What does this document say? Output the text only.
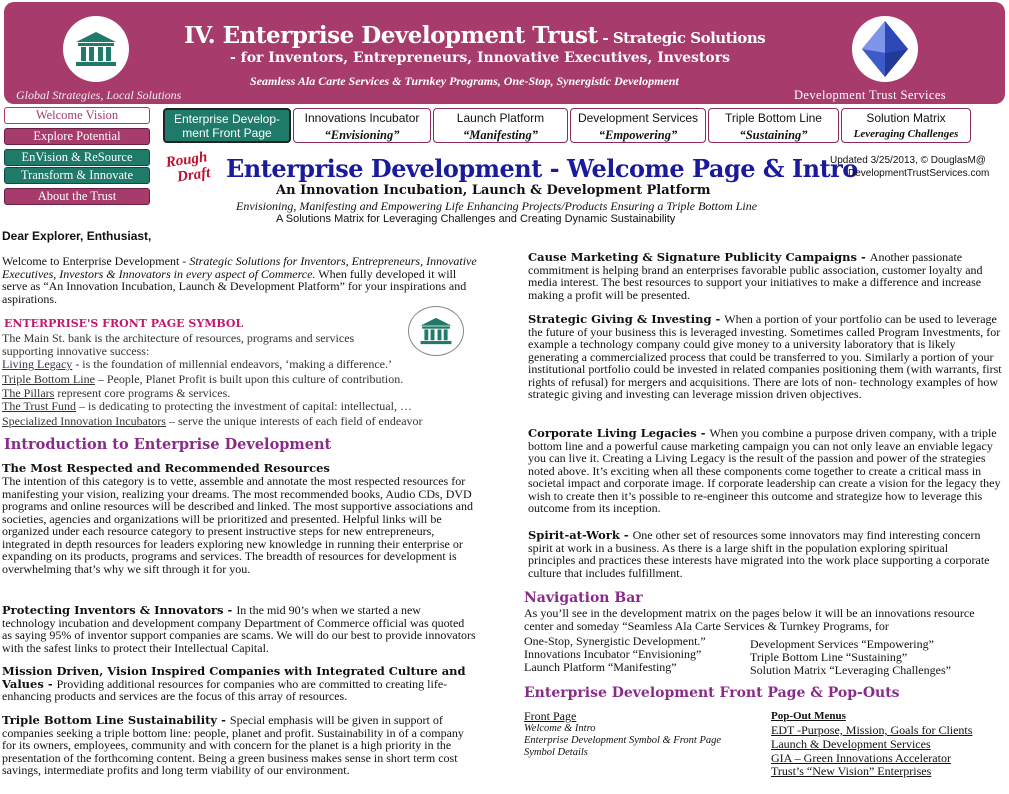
IV. Enterprise Development Trust - Strategic Solutions
- for Inventors, Entrepreneurs, Innovative Executives, Investors
Seamless Ala Carte Services & Turnkey Programs, One-Stop, Synergistic Development
Global Strategies, Local Solutions	Development Trust Services
Welcome Vision
Explore Potential
EnVision & ReSource
Transform & Innovate
About the Trust
Enterprise Develop-
ment Front Page
Innovations Incubator
“Envisioning”
Launch Platform
“Manifesting”
Development Services
“Empowering”
Triple Bottom Line
“Sustaining”
Solution Matrix
Leveraging Challenges
Rough
Draft Enterprise Development - Welcome Page & Intro
Updated 3/25/2013, © DouglasM@
DevelopmentTrustServices.com
An Innovation Incubation, Launch & Development Platform
Envisioning, Manifesting and Empowering Life Enhancing Projects/Products Ensuring a Triple Bottom Line
A Solutions Matrix for Leveraging Challenges and Creating Dynamic Sustainability
Dear Explorer, Enthusiast,
Welcome to Enterprise Development - Strategic Solutions for Inventors, Entrepreneurs, Innovative Executives, Investors & Innovators in every aspect of Commerce. When fully developed it will serve as “An Innovation Incubation, Launch & Development Platform” for your inspirations and aspirations.
ENTERPRISE'S FRONT PAGE SYMBOL
The Main St. bank is the architecture of resources, programs and services
supporting innovative success:
Living Legacy - is the foundation of millennial endeavors, ‘making a difference.’
Triple Bottom Line – People, Planet Profit is built upon this culture of contribution.
The Pillars represent core programs & services.
The Trust Fund – is dedicating to protecting the investment of capital: intellectual, …
Specialized Innovation Incubators – serve the unique interests of each field of endeavor
Introduction to Enterprise Development
The Most Respected and Recommended Resources
The intention of this category is to vette, assemble and annotate the most respected resources for manifesting your vision, realizing your dreams. The most recommended books, Audio CDs, DVD programs and online resources will be described and linked. The most supportive associations and societies, agencies and organizations will be prioritized and presented. Helpful links will be organized under each resource category to present instructive steps for new entrepreneurs, integrated in depth resources for leaders exploring new knowledge in running their enterprise or expanding on its products, programs and services. The breadth of resources for development is overwhelming that’s why we sift through it for you.
Protecting Inventors & Innovators - In the mid 90’s when we started a new technology incubation and development company Department of Commerce official was quoted as saying 95% of inventor support companies are scams. We will do our best to provide innovators with the safest links to protect their Intellectual Capital.
Mission Driven, Vision Inspired Companies with Integrated Culture and Values - Providing additional resources for companies who are committed to creating life-enhancing products and services are the focus of this array of resources.
Triple Bottom Line Sustainability - Special emphasis will be given in support of companies seeking a triple bottom line: people, planet and profit. Sustainability in of a company for its owners, employees, community and with concern for the planet is a high priority in the presentation of the forthcoming content. Being a green business makes sense in short term cost savings, intermediate profits and long term viability of our environment.
Cause Marketing & Signature Publicity Campaigns - Another passionate commitment is helping brand an enterprises favorable public association, customer loyalty and media interest. The best resources to support your initiatives to make a difference and increase making a profit will be presented.
Strategic Giving & Investing - When a portion of your portfolio can be used to leverage the future of your business this is leveraged investing. Sometimes called Program Investments, for example a technology company could give money to a university laboratory that is likely generating a commercialized process that could be transferred to you. Similarly a portion of your institutional portfolio could be invested in related companies positioning them (with warrants, first rights of refusal) for mergers and acquisitions. There are lots of non- technology examples of how strategic giving and investing can leverage mission driven objectives.
Corporate Living Legacies - When you combine a purpose driven company, with a triple bottom line and a powerful cause marketing campaign you can not only leave an enviable legacy you can live it. Creating a Living Legacy is the result of the passion and power of the strategies noted above. It’s exciting when all these components come together to create a critical mass in societal impact and corporate image. If corporate leadership can create a vision for the legacy they wish to create then it’s possible to re-engineer this outcome and strategize how to leverage this outcome from its inception.
Spirit-at-Work - One other set of resources some innovators may find interesting concern spirit at work in a business. As there is a large shift in the population exploring spiritual principles and practices these interests have migrated into the work place supporting a corporate culture that includes fulfillment.
Navigation Bar
As you’ll see in the development matrix on the pages below it will be an innovations resource center and someday “Seamless Ala Carte Services & Turnkey Programs, for
One-Stop, Synergistic Development.”
Innovations Incubator “Envisioning”
Launch Platform “Manifesting”
Development Services “Empowering”
Triple Bottom Line “Sustaining”
Solution Matrix “Leveraging Challenges”
Enterprise Development Front Page & Pop-Outs
Front Page
Welcome & Intro
Enterprise Development Symbol & Front Page
Symbol Details
Pop-Out Menus
EDT -Purpose, Mission, Goals for Clients
Launch & Development Services
GIA – Green Innovations Accelerator
Trust’s “New Vision” Enterprises
